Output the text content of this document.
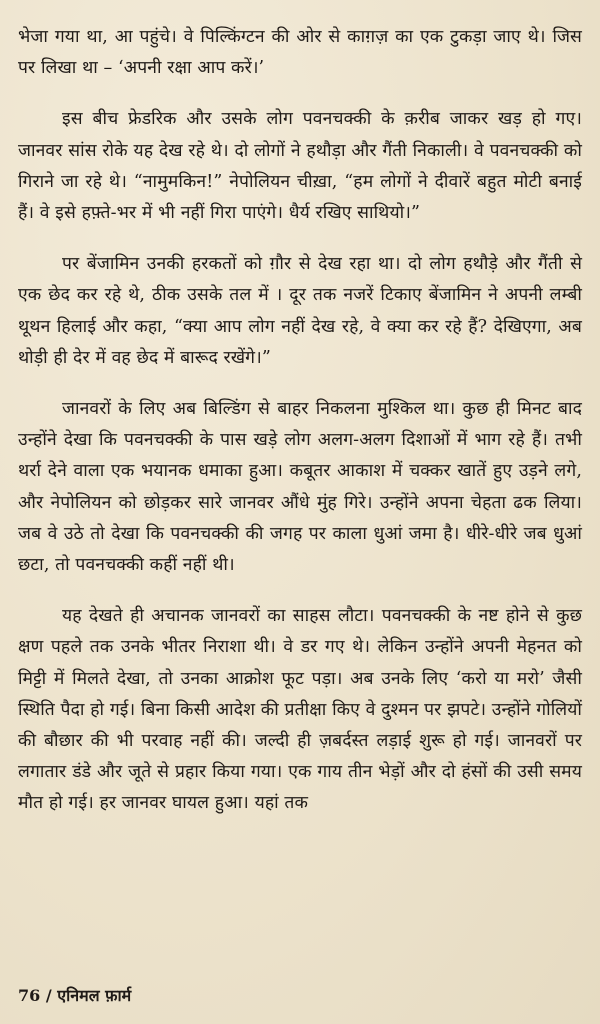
भेजा गया था, आ पहुंचे। वे पिल्किंग्टन की ओर से काग़ज़ का एक टुकड़ा जाए थे। जिस पर लिखा था – ‘अपनी रक्षा आप करें।’

इस बीच फ्रेडरिक और उसके लोग पवनचक्की के क़रीब जाकर खड़ हो गए। जानवर सांस रोके यह देख रहे थे। दो लोगों ने हथौड़ा और गैंती निकाली। वे पवनचक्की को गिराने जा रहे थे। “नामुमकिन!” नेपोलियन चीख़ा, “हम लोगों ने दीवारें बहुत मोटी बनाई हैं। वे इसे हफ़्ते-भर में भी नहीं गिरा पाएंगे। धैर्य रखिए साथियो।”

पर बेंजामिन उनकी हरकतों को ग़ौर से देख रहा था। दो लोग हथौड़े और गैंती से एक छेद कर रहे थे, ठीक उसके तल में । दूर तक नजरें टिकाए बेंजामिन ने अपनी लम्बी थूथन हिलाई और कहा, “क्या आप लोग नहीं देख रहे, वे क्या कर रहे हैं? देखिएगा, अब थोड़ी ही देर में वह छेद में बारूद रखेंगे।”

जानवरों के लिए अब बिल्डिंग से बाहर निकलना मुश्किल था। कुछ ही मिनट बाद उन्होंने देखा कि पवनचक्की के पास खड़े लोग अलग-अलग दिशाओं में भाग रहे हैं। तभी थर्रा देने वाला एक भयानक धमाका हुआ। कबूतर आकाश में चक्कर खातें हुए उड़ने लगे, और नेपोलियन को छोड़कर सारे जानवर औंधे मुंह गिरे। उन्होंने अपना चेहता ढक लिया। जब वे उठे तो देखा कि पवनचक्की की जगह पर काला धुआं जमा है। धीरे-धीरे जब धुआं छटा, तो पवनचक्की कहीं नहीं थी।

यह देखते ही अचानक जानवरों का साहस लौटा। पवनचक्की के नष्ट होने से कुछ क्षण पहले तक उनके भीतर निराशा थी। वे डर गए थे। लेकिन उन्होंने अपनी मेहनत को मिट्टी में मिलते देखा, तो उनका आक्रोश फूट पड़ा। अब उनके लिए ‘करो या मरो’ जैसी स्थिति पैदा हो गई। बिना किसी आदेश की प्रतीक्षा किए वे दुश्मन पर झपटे। उन्होंने गोलियों की बौछार की भी परवाह नहीं की। जल्दी ही ज़बर्दस्त लड़ाई शुरू हो गई। जानवरों पर लगातार डंडे और जूते से प्रहार किया गया। एक गाय तीन भेड़ों और दो हंसों की उसी समय मौत हो गई। हर जानवर घायल हुआ। यहां तक

76 / एनिमल फ़ार्म
